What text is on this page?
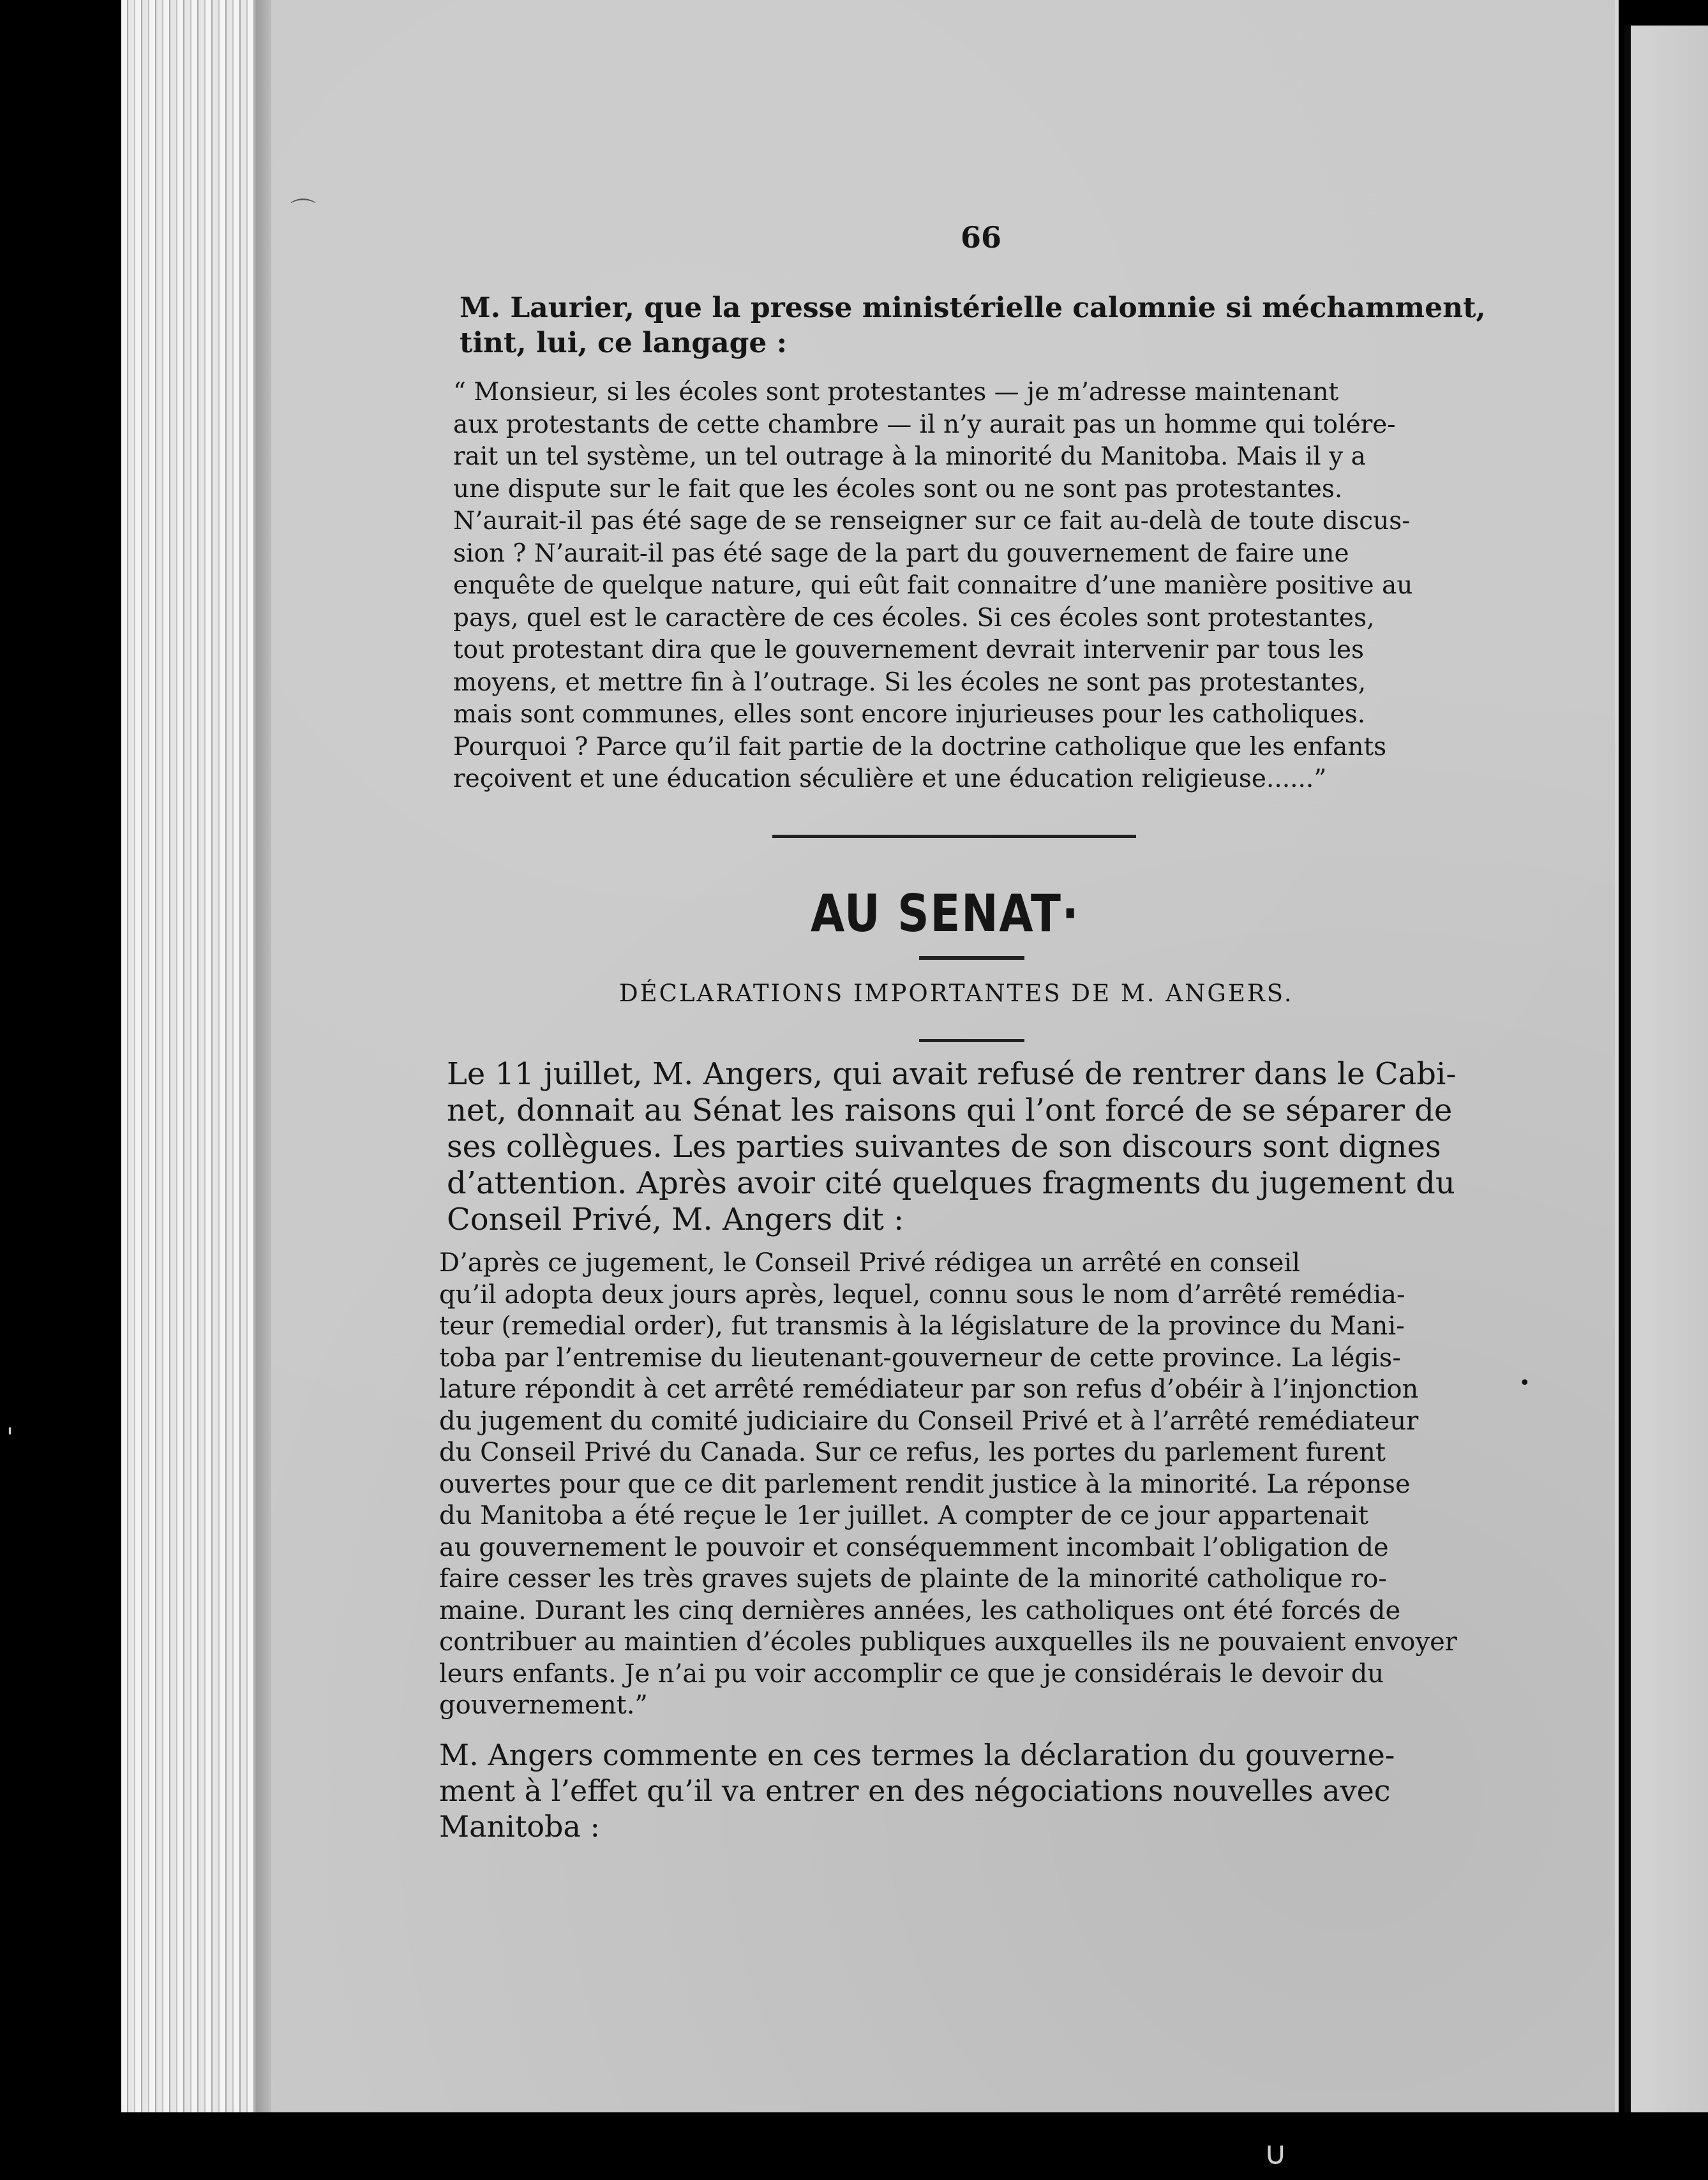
⌒
•
∪
'
66
M. Laurier, que la presse ministérielle calomnie si méchamment,
tint, lui, ce langage :
“ Monsieur, si les écoles sont protestantes — je m’adresse maintenant
aux protestants de cette chambre — il n’y aurait pas un homme qui tolére-
rait un tel système, un tel outrage à la minorité du Manitoba. Mais il y a
une dispute sur le fait que les écoles sont ou ne sont pas protestantes.
N’aurait-il pas été sage de se renseigner sur ce fait au-delà de toute discus-
sion ? N’aurait-il pas été sage de la part du gouvernement de faire une
enquête de quelque nature, qui eût fait connaitre d’une manière positive au
pays, quel est le caractère de ces écoles. Si ces écoles sont protestantes,
tout protestant dira que le gouvernement devrait intervenir par tous les
moyens, et mettre fin à l’outrage. Si les écoles ne sont pas protestantes,
mais sont communes, elles sont encore injurieuses pour les catholiques.
Pourquoi ? Parce qu’il fait partie de la doctrine catholique que les enfants
reçoivent et une éducation séculière et une éducation religieuse......”
AU SENAT·
DÉCLARATIONS IMPORTANTES DE M. ANGERS.
Le 11 juillet, M. Angers, qui avait refusé de rentrer dans le Cabi-
net, donnait au Sénat les raisons qui l’ont forcé de se séparer de
ses collègues. Les parties suivantes de son discours sont dignes
d’attention. Après avoir cité quelques fragments du jugement du
Conseil Privé, M. Angers dit :
D’après ce jugement, le Conseil Privé rédigea un arrêté en conseil
qu’il adopta deux jours après, lequel, connu sous le nom d’arrêté remédia-
teur (remedial order), fut transmis à la législature de la province du Mani-
toba par l’entremise du lieutenant-gouverneur de cette province. La légis-
lature répondit à cet arrêté remédiateur par son refus d’obéir à l’injonction
du jugement du comité judiciaire du Conseil Privé et à l’arrêté remédiateur
du Conseil Privé du Canada. Sur ce refus, les portes du parlement furent
ouvertes pour que ce dit parlement rendit justice à la minorité. La réponse
du Manitoba a été reçue le 1er juillet. A compter de ce jour appartenait
au gouvernement le pouvoir et conséquemment incombait l’obligation de
faire cesser les très graves sujets de plainte de la minorité catholique ro-
maine. Durant les cinq dernières années, les catholiques ont été forcés de
contribuer au maintien d’écoles publiques auxquelles ils ne pouvaient envoyer
leurs enfants. Je n’ai pu voir accomplir ce que je considérais le devoir du
gouvernement.”
M. Angers commente en ces termes la déclaration du gouverne-
ment à l’effet qu’il va entrer en des négociations nouvelles avec
Manitoba :
